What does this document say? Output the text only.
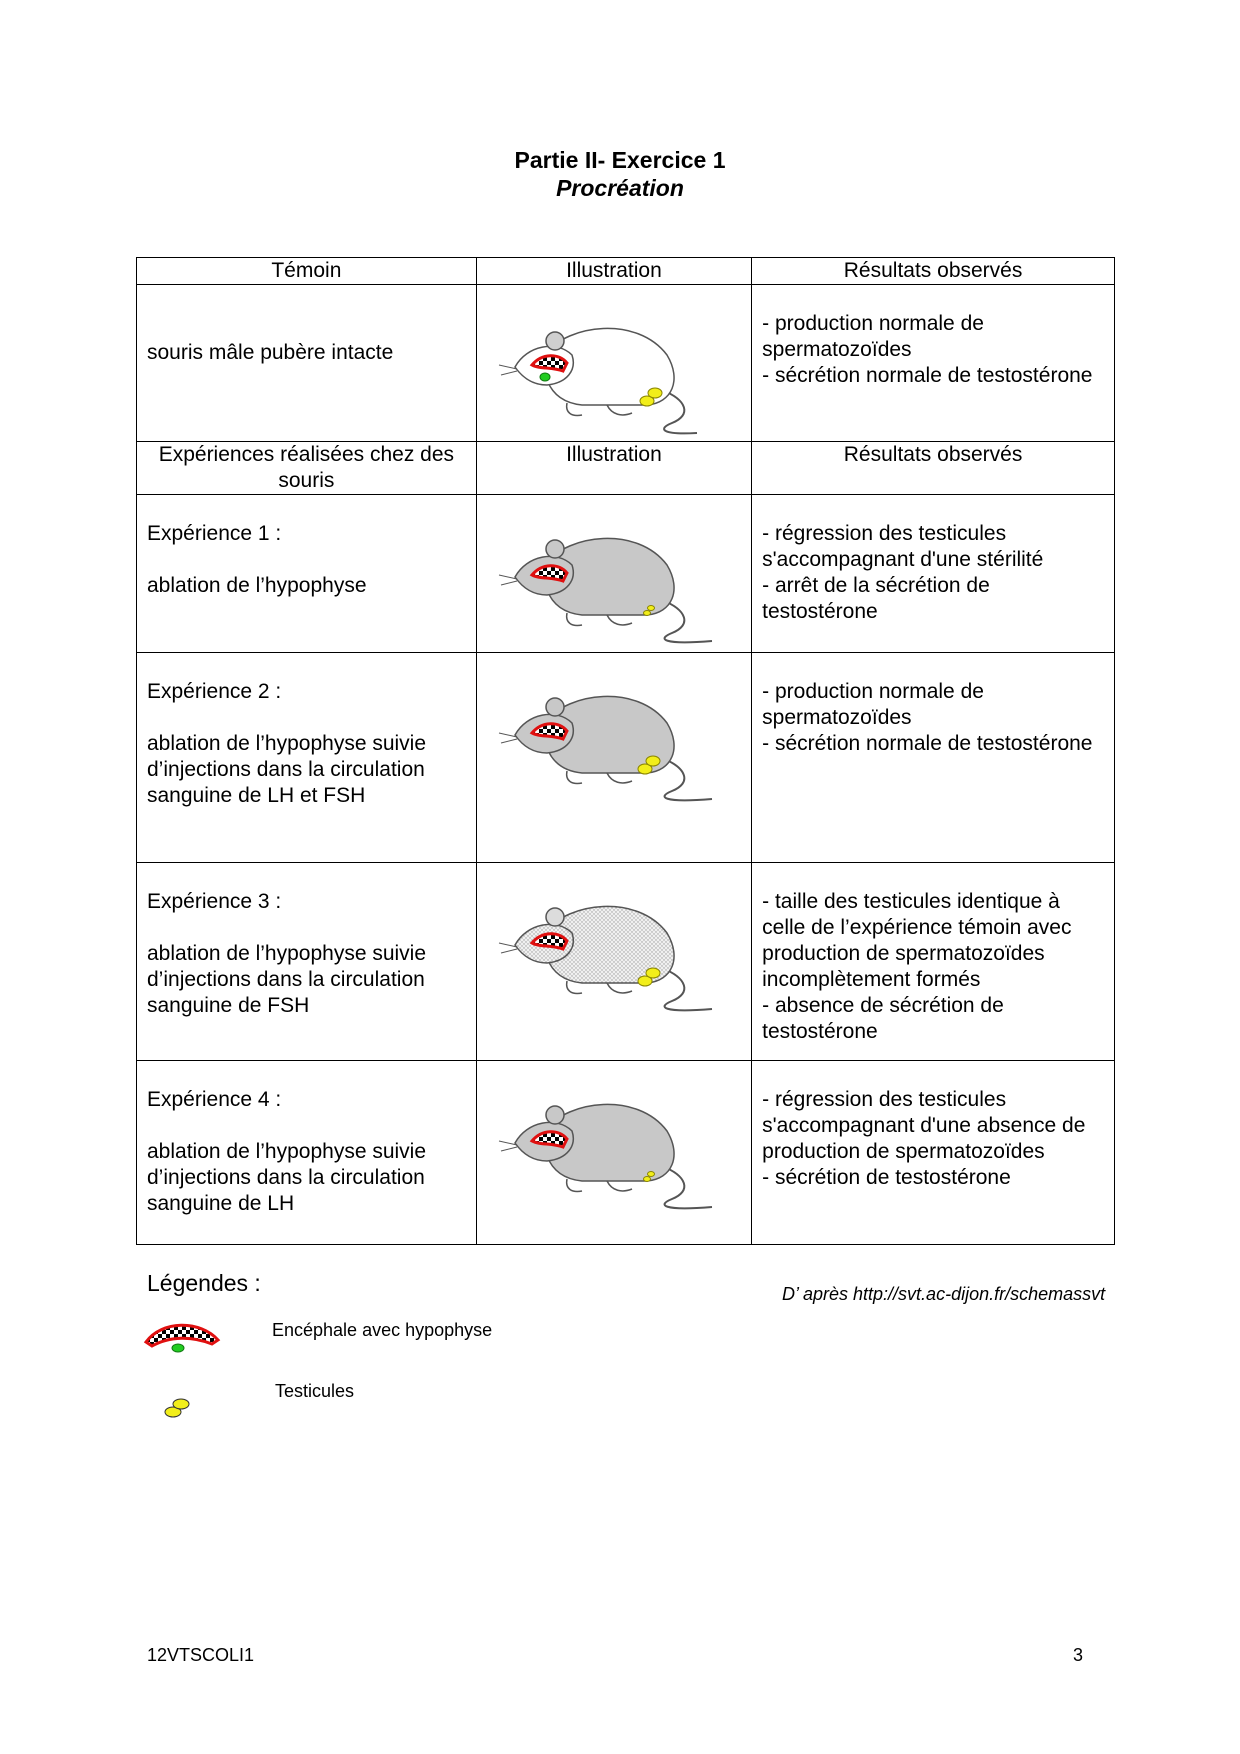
Partie II- Exercice 1
Procréation
Témoin	Illustration	Résultats observés

souris mâle pubère intacte		- production normale de spermatozoïdes
- sécrétion normale de testostérone

Expériences réalisées chez des souris	Illustration	Résultats observés

Expérience 1 :
ablation de l’hypophyse		- régression des testicules s'accompagnant d'une stérilité
- arrêt de la sécrétion de testostérone

Expérience 2 :
ablation de l’hypophyse suivie d’injections dans la circulation sanguine de LH et FSH		- production normale de spermatozoïdes
- sécrétion normale de testostérone

Expérience 3 :
ablation de l’hypophyse suivie d’injections dans la circulation sanguine de FSH		- taille des testicules identique à celle de l’expérience témoin avec production de spermatozoïdes incomplètement formés
- absence de sécrétion de testostérone

Expérience 4 :
ablation de l’hypophyse suivie d’injections dans la circulation sanguine de LH		- régression des testicules s'accompagnant d'une absence de production de spermatozoïdes
- sécrétion de testostérone
Légendes :	D’ après http://svt.ac-dijon.fr/schemassvt
Encéphale avec hypophyse
Testicules
12VTSCOLI1	3
